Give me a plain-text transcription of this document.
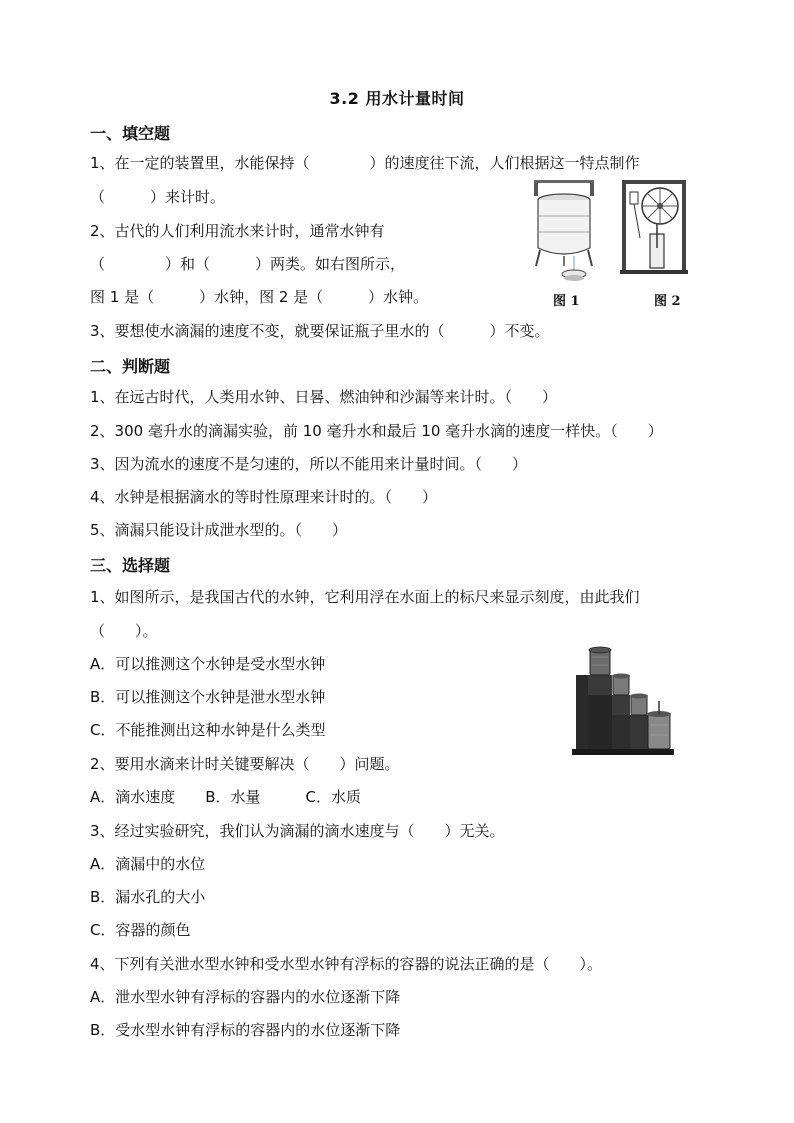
3.2 用水计量时间
一、填空题
1、在一定的装置里，水能保持（　　　　）的速度往下流，人们根据这一特点制作
（　　　）来计时。
2、古代的人们利用流水来计时，通常水钟有
（　　　　）和（　　　）两类。如右图所示，
图 1 是（　　　）水钟，图 2 是（　　　）水钟。
3、要想使水滴漏的速度不变，就要保证瓶子里水的（　　　）不变。
图 1	图 2
二、判断题
1、在远古时代，人类用水钟、日晷、燃油钟和沙漏等来计时。（　　）
2、300 毫升水的滴漏实验，前 10 毫升水和最后 10 毫升水滴的速度一样快。（　　）
3、因为流水的速度不是匀速的，所以不能用来计量时间。（　　）
4、水钟是根据滴水的等时性原理来计时的。（　　）
5、滴漏只能设计成泄水型的。（　　）
三、选择题
1、如图所示，是我国古代的水钟，它利用浮在水面上的标尺来显示刻度，由此我们
（　　）。
A．可以推测这个水钟是受水型水钟
B．可以推测这个水钟是泄水型水钟
C．不能推测出这种水钟是什么类型
2、要用水滴来计时关键要解决（　　）问题。
A．滴水速度　　B．水量　　　C．水质
3、经过实验研究，我们认为滴漏的滴水速度与（　　）无关。
A．滴漏中的水位
B．漏水孔的大小
C．容器的颜色
4、下列有关泄水型水钟和受水型水钟有浮标的容器的说法正确的是（　　）。
A．泄水型水钟有浮标的容器内的水位逐渐下降
B．受水型水钟有浮标的容器内的水位逐渐下降
